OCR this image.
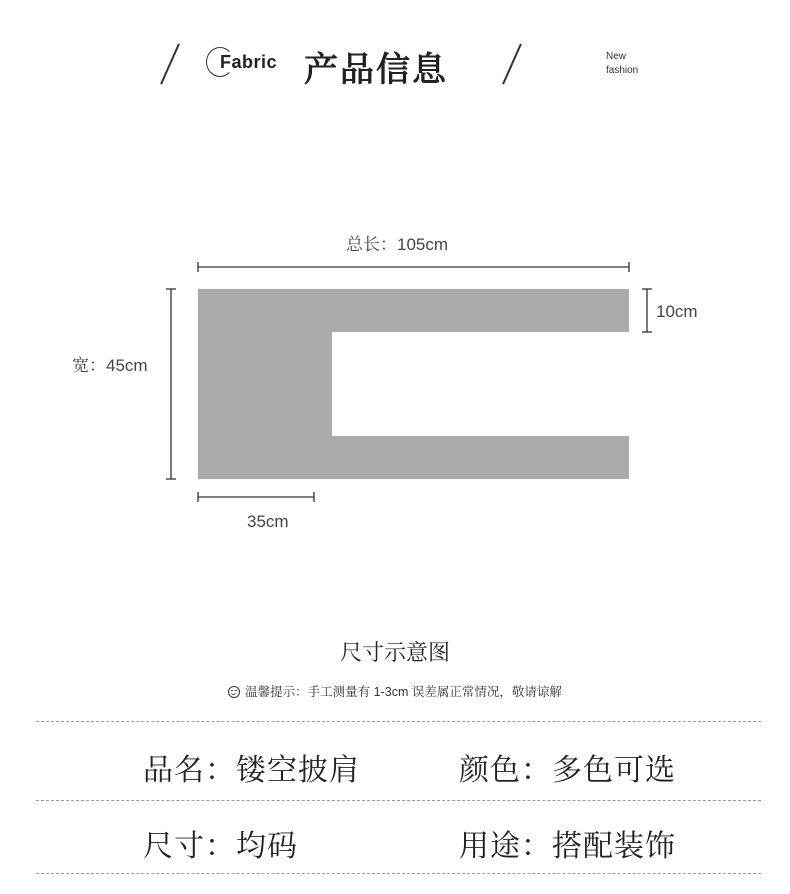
Fabric 产品信息	New
fashion
总长：105cm
10cm
宽：45cm
35cm
尺寸示意图
温馨提示：手工测量有 1-3cm 误差属正常情况，敬请谅解
品名：镂空披肩	颜色：多色可选
尺寸：均码	用途：搭配装饰
